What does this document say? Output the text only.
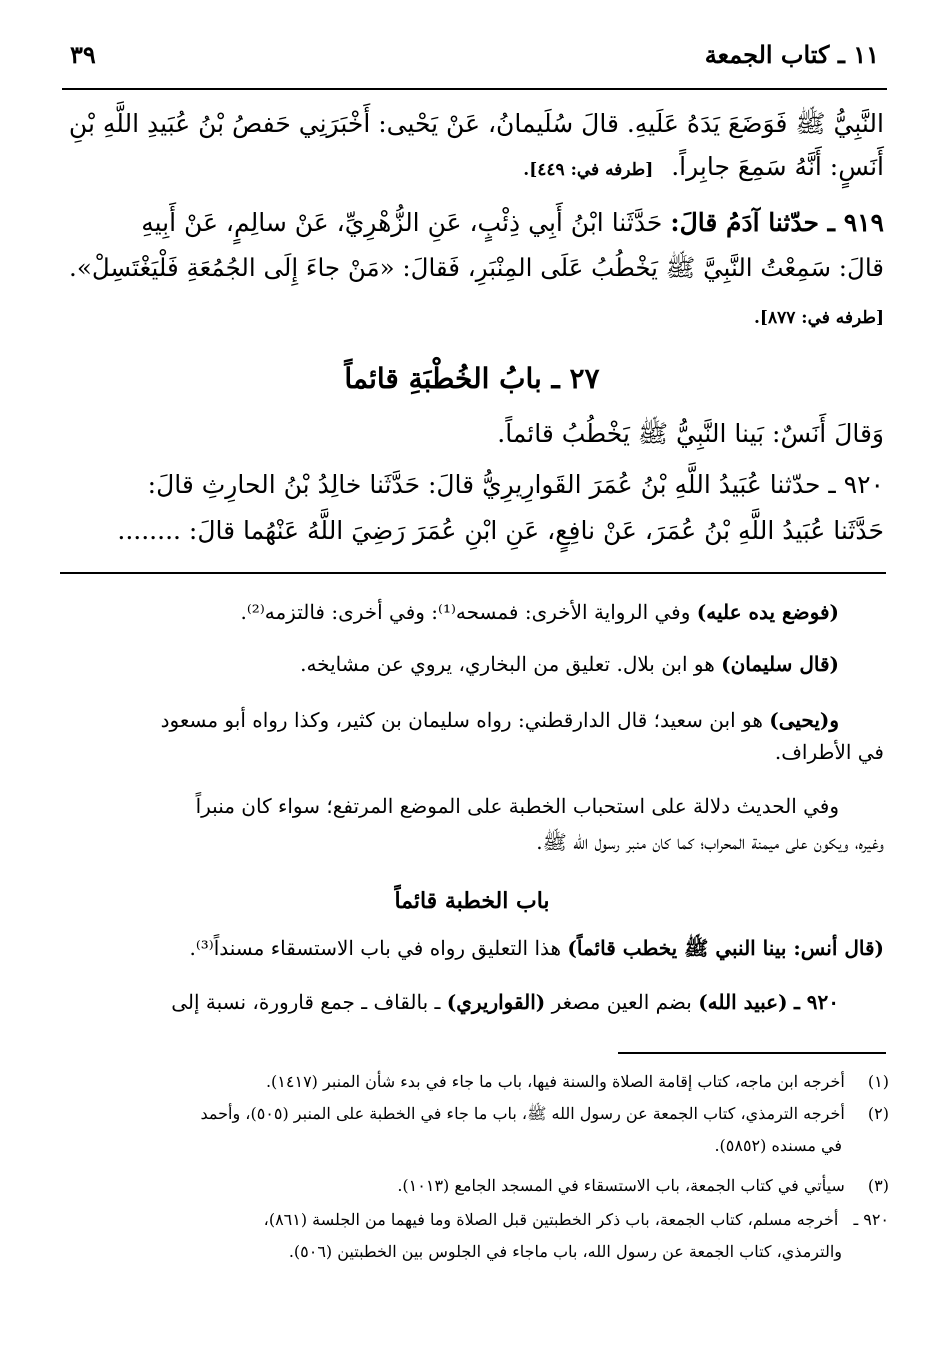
١١ ـ كتاب الجمعة
٣٩
النَّبِيُّ ﷺ فَوَضَعَ يَدَهُ عَلَيهِ. قالَ سُلَيمانُ، عَنْ يَحْيى: أَخْبَرَنِي حَفصُ بْنُ عُبَيدِ اللَّهِ بْنِ
أَنَسٍ: أَنَّهُ سَمِعَ جابِراً. [طرفه في: ٤٤٩].
٩١٩ ـ حدّثنا آدَمُ قالَ: حَدَّثَنا ابْنُ أَبِي ذِئْبٍ، عَنِ الزُّهْرِيِّ، عَنْ سالِمٍ، عَنْ أَبِيهِ
قالَ: سَمِعْتُ النَّبِيَّ ﷺ يَخْطُبُ عَلَى المِنْبَرِ، فَقالَ: «مَنْ جاءَ إِلَى الجُمُعَةِ فَلْيَغْتَسِلْ».
[طرفه في: ٨٧٧].
٢٧ ـ بابُ الخُطْبَةِ قائماً
وَقالَ أَنَسٌ: بَينا النَّبِيُّ ﷺ يَخْطُبُ قائماً.
٩٢٠ ـ حدّثنا عُبَيدُ اللَّهِ بْنُ عُمَرَ القَوارِيرِيُّ قالَ: حَدَّثَنا خالِدُ بْنُ الحارِثِ قالَ:
حَدَّثَنا عُبَيدُ اللَّهِ بْنُ عُمَرَ، عَنْ نافِعٍ، عَنِ ابْنِ عُمَرَ رَضِيَ اللَّهُ عَنْهُما قالَ: ........
(فوضع يده عليه) وفي الرواية الأخرى: فمسحه⁽¹⁾: وفي أخرى: فالتزمه⁽²⁾.
(قال سليمان) هو ابن بلال. تعليق من البخاري، يروي عن مشايخه.
و(يحيى) هو ابن سعيد؛ قال الدارقطني: رواه سليمان بن كثير، وكذا رواه أبو مسعود
في الأطراف.
وفي الحديث دلالة على استحباب الخطبة على الموضع المرتفع؛ سواء كان منبراً
وغيره، ويكون على ميمنة المحراب؛ كما كان منبر رسول الله ﷺ.
باب الخطبة قائماً
(قال أنس: بينا النبي ﷺ يخطب قائماً) هذا التعليق رواه في باب الاستسقاء مسنداً⁽³⁾.
٩٢٠ ـ (عبيد الله) بضم العين مصغر (القواريري) ـ بالقاف ـ جمع قارورة، نسبة إلى
(١) أخرجه ابن ماجه، كتاب إقامة الصلاة والسنة فيها، باب ما جاء في بدء شأن المنبر (١٤١٧).
(٢) أخرجه الترمذي، كتاب الجمعة عن رسول الله ﷺ، باب ما جاء في الخطبة على المنبر (٥٠٥)، وأحمد
في مسنده (٥٨٥٢).
(٣) سيأتي في كتاب الجمعة، باب الاستسقاء في المسجد الجامع (١٠١٣).
٩٢٠ ـ أخرجه مسلم، كتاب الجمعة، باب ذكر الخطبتين قبل الصلاة وما فيهما من الجلسة (٨٦١)،
والترمذي، كتاب الجمعة عن رسول الله، باب ماجاء في الجلوس بين الخطبتين (٥٠٦).
